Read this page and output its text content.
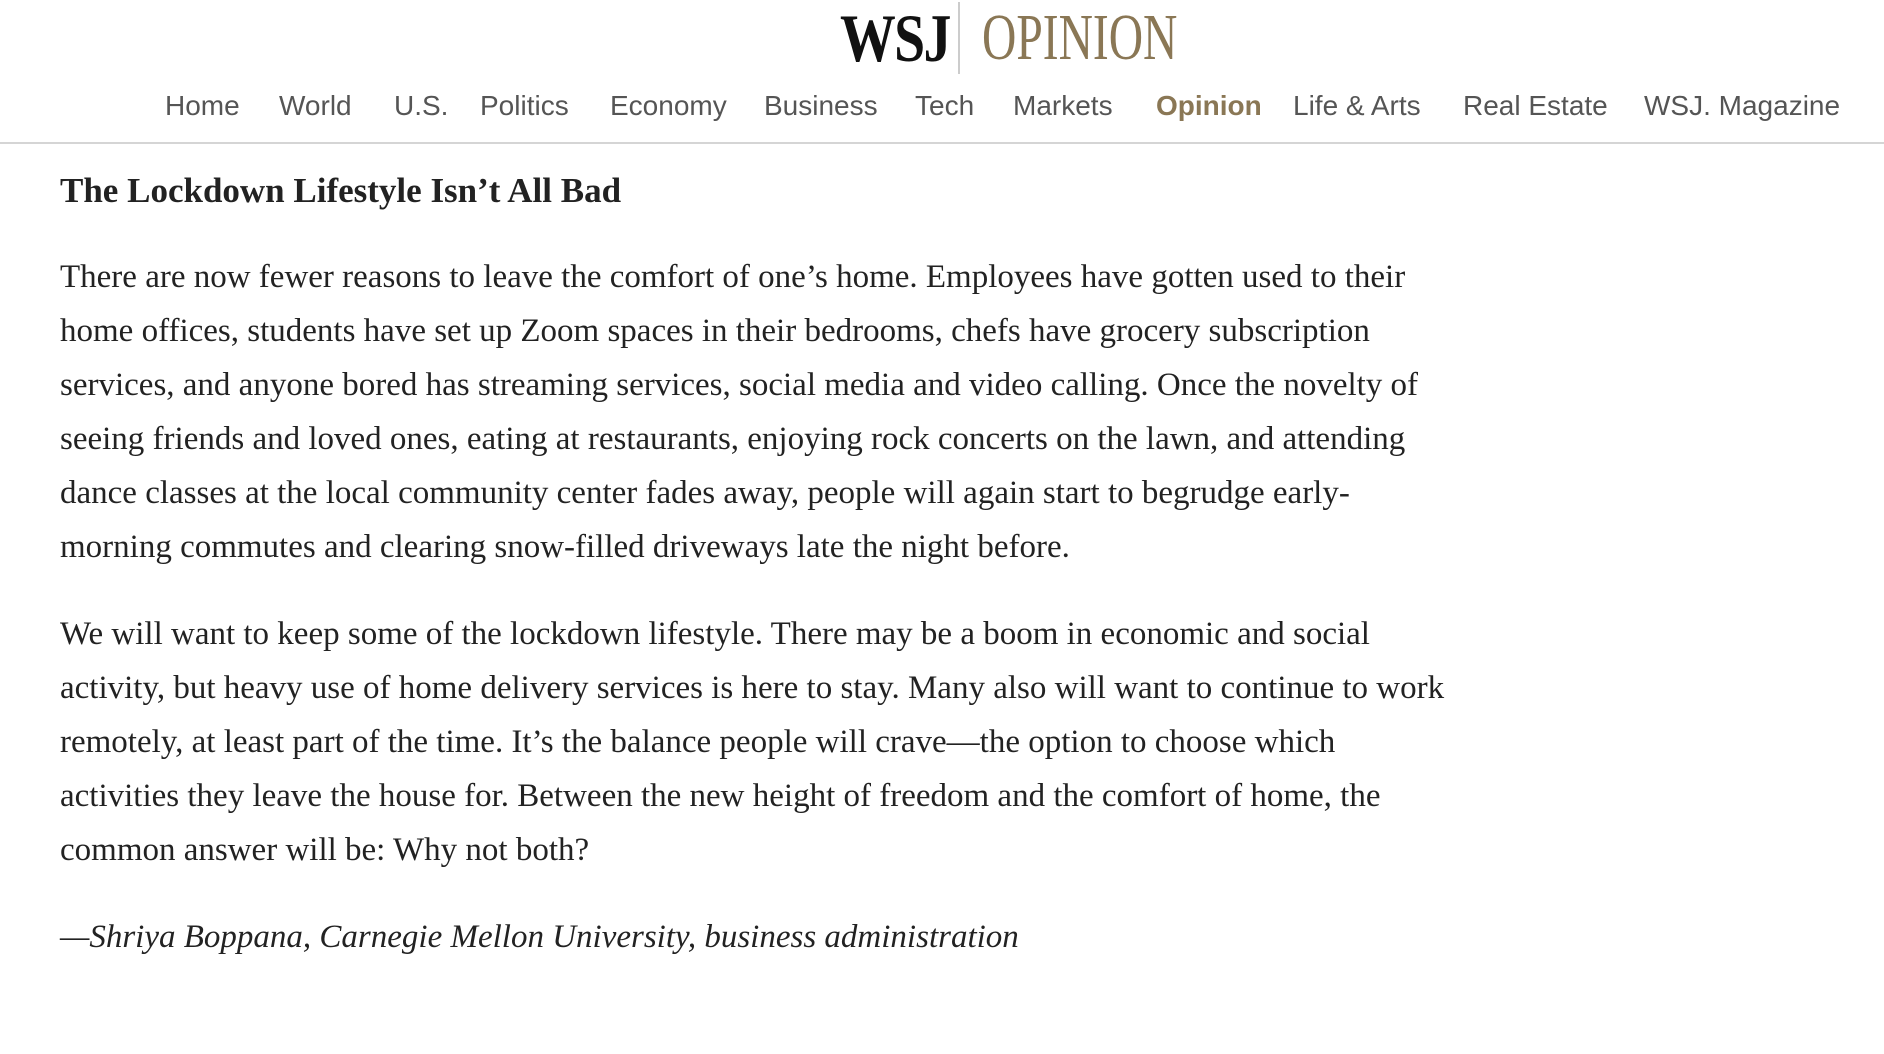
WSJ OPINION
Home World U.S. Politics Economy Business Tech Markets Opinion Life & Arts Real Estate WSJ. Magazine
The Lockdown Lifestyle Isn’t All Bad

There are now fewer reasons to leave the comfort of one’s home. Employees have gotten used to their home offices, students have set up Zoom spaces in their bedrooms, chefs have grocery subscription services, and anyone bored has streaming services, social media and video calling. Once the novelty of seeing friends and loved ones, eating at restaurants, enjoying rock concerts on the lawn, and attending dance classes at the local community center fades away, people will again start to begrudge early-morning commutes and clearing snow-filled driveways late the night before.

We will want to keep some of the lockdown lifestyle. There may be a boom in economic and social activity, but heavy use of home delivery services is here to stay. Many also will want to continue to work remotely, at least part of the time. It’s the balance people will crave—the option to choose which activities they leave the house for. Between the new height of freedom and the comfort of home, the common answer will be: Why not both?

—Shriya Boppana, Carnegie Mellon University, business administration
